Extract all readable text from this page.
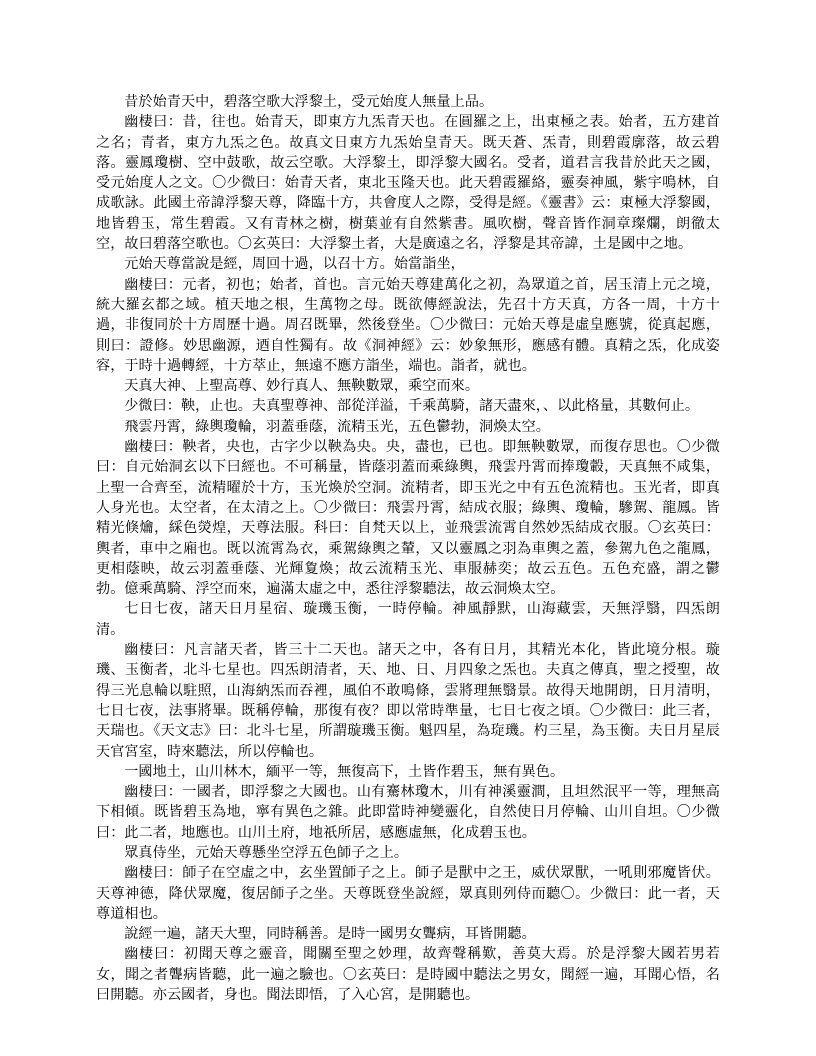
昔於始青天中，碧落空歌大浮黎土，受元始度人無量上品。

幽棲曰：昔，往也。始青天，即東方九炁青天也。在圓羅之上，出東極之表。始者，五方建首之名；青者，東方九炁之色。故真文日東方九炁始皇青天。既天蒼、炁青，則碧霞廓落，故云碧落。靈鳳瓊樹、空中鼓歌，故云空歌。大浮黎土，即浮黎大國名。受者，道君言我昔於此天之國，受元始度人之文。〇少微曰：始青天者，東北玉隆天也。此天碧霞羅絡，靈奏神風，紫宇鳴林，自成歌詠。此國土帝諱浮黎天尊，降臨十方，共會度人之際，受得是經。《靈書》云：東極大浮黎國，地皆碧玉，常生碧霞。又有青林之樹，樹葉並有自然紫書。風吹樹，聲音皆作洞章璨爛，朗徹太空，故曰碧落空歌也。〇玄英曰：大浮黎土者，大是廣遠之名，浮黎是其帝諱，土是國中之地。

元始天尊當說是經，周回十過，以召十方。始當詣坐，

幽棲曰：元者，初也；始者，首也。言元始天尊建萬化之初，為眾道之首，居玉清上元之境，統大羅玄都之域。植天地之根，生萬物之母。既欲傳經說法，先召十方天真，方各一周，十方十過，非復同於十方周歷十過。周召既畢，然後登坐。〇少微曰：元始天尊是虛皇應號，從真起應，則曰：證修。妙思幽源，迺自性獨有。故《洞神經》云：妙象無形，應感有體。真精之炁，化成姿容，于時十過轉經，十方萃止，無遠不應方詣坐，端也。詣者，就也。

天真大神、上聖高尊、妙行真人、無鞅數眾，乘空而來。

少微曰：鞅，止也。夫真聖尊神、部從洋溢，千乘萬騎，諸天盡來，、以此格量，其數何止。

飛雲丹霄，綠輿瓊輪，羽蓋垂蔭，流精玉光，五色鬱勃，洞煥太空。

幽棲曰：鞅者，央也，古字少以鞅為央。央，盡也，已也。即無鞅數眾，而復存思也。〇少微曰：自元始洞玄以下曰經也。不可稱量，皆蔭羽蓋而乘綠輿，飛雲丹霄而捧瓊轂，天真無不咸集，上聖一合齊至，流精曜於十方，玉光煥於空洞。流精者，即玉光之中有五色流精也。玉光者，即真人身光也。太空者，在太清之上。〇少微曰：飛雲丹霄，結成衣服；綠輿、瓊輪，驂駕、龍鳳。皆精光倏爚，綵色熒煌，天尊法服。科曰：自梵天以上，並飛雲流霄自然妙炁結成衣服。〇玄英曰：輿者，車中之廂也。既以流霄為衣，乘駕綠輿之輦，又以靈鳳之羽為車輿之蓋，參駕九色之龍鳳，更相蔭映，故云羽蓋垂蔭、光輝夐煥；故云流精玉光、車服赫奕；故云五色。五色充盛，謂之鬱勃。億乘萬騎、浮空而來，遍滿太虛之中，悉往浮黎聽法，故云洞煥太空。

七日七夜，諸天日月星宿、璇璣玉衡，一時停輪。神風靜默，山海藏雲，天無浮翳，四炁朗清。

幽棲曰：凡言諸天者，皆三十二天也。諸天之中，各有日月，其精光本化，皆此境分根。璇璣、玉衡者，北斗七星也。四炁朗清者，天、地、日、月四象之炁也。夫真之傳真，聖之授聖，故得三光息輪以駐照，山海納炁而吞裡，風伯不敢鳴條，雲將理無翳景。故得天地開朗，日月清明，七日七夜，法事將畢。既稱停輪，那復有夜？即以常時準量，七日七夜之頃。〇少微曰：此三者，天瑞也。《天文志》曰：北斗七星，所謂璇璣玉衡。魁四星，為琁璣。杓三星，為玉衡。夫日月星辰天官宮室，時來聽法，所以停輪也。

一國地土，山川林木，緬平一等，無復高下，土皆作碧玉，無有異色。

幽棲曰：一國者，即浮黎之大國也。山有騫林瓊木，川有神溪靈澗，且坦然泯平一等，理無高下相傾。既皆碧玉為地，寧有異色之雜。此即當時神變靈化，自然使日月停輪、山川自坦。〇少微曰：此二者，地應也。山川土府，地祇所居，感應虛無，化成碧玉也。

眾真侍坐，元始天尊懸坐空浮五色師子之上。

幽棲曰：師子在空虛之中，玄坐置師子之上。師子是獸中之王，威伏眾獸，一吼則邪魔皆伏。天尊神德，降伏眾魔，復居師子之坐。天尊既登坐說經，眾真則列侍而聽〇。少微曰：此一者，天尊道相也。

說經一遍，諸天大聖，同時稱善。是時一國男女聾病，耳皆開聽。

幽棲曰：初聞天尊之靈音，聞關至聖之妙理，故齊聲稱歎，善莫大焉。於是浮黎大國若男若女，聞之者聾病皆聽，此一遍之驗也。〇玄英曰：是時國中聽法之男女，聞經一遍，耳聞心悟，名曰開聽。亦云國者，身也。聞法即悟，了入心宮，是開聽也。
